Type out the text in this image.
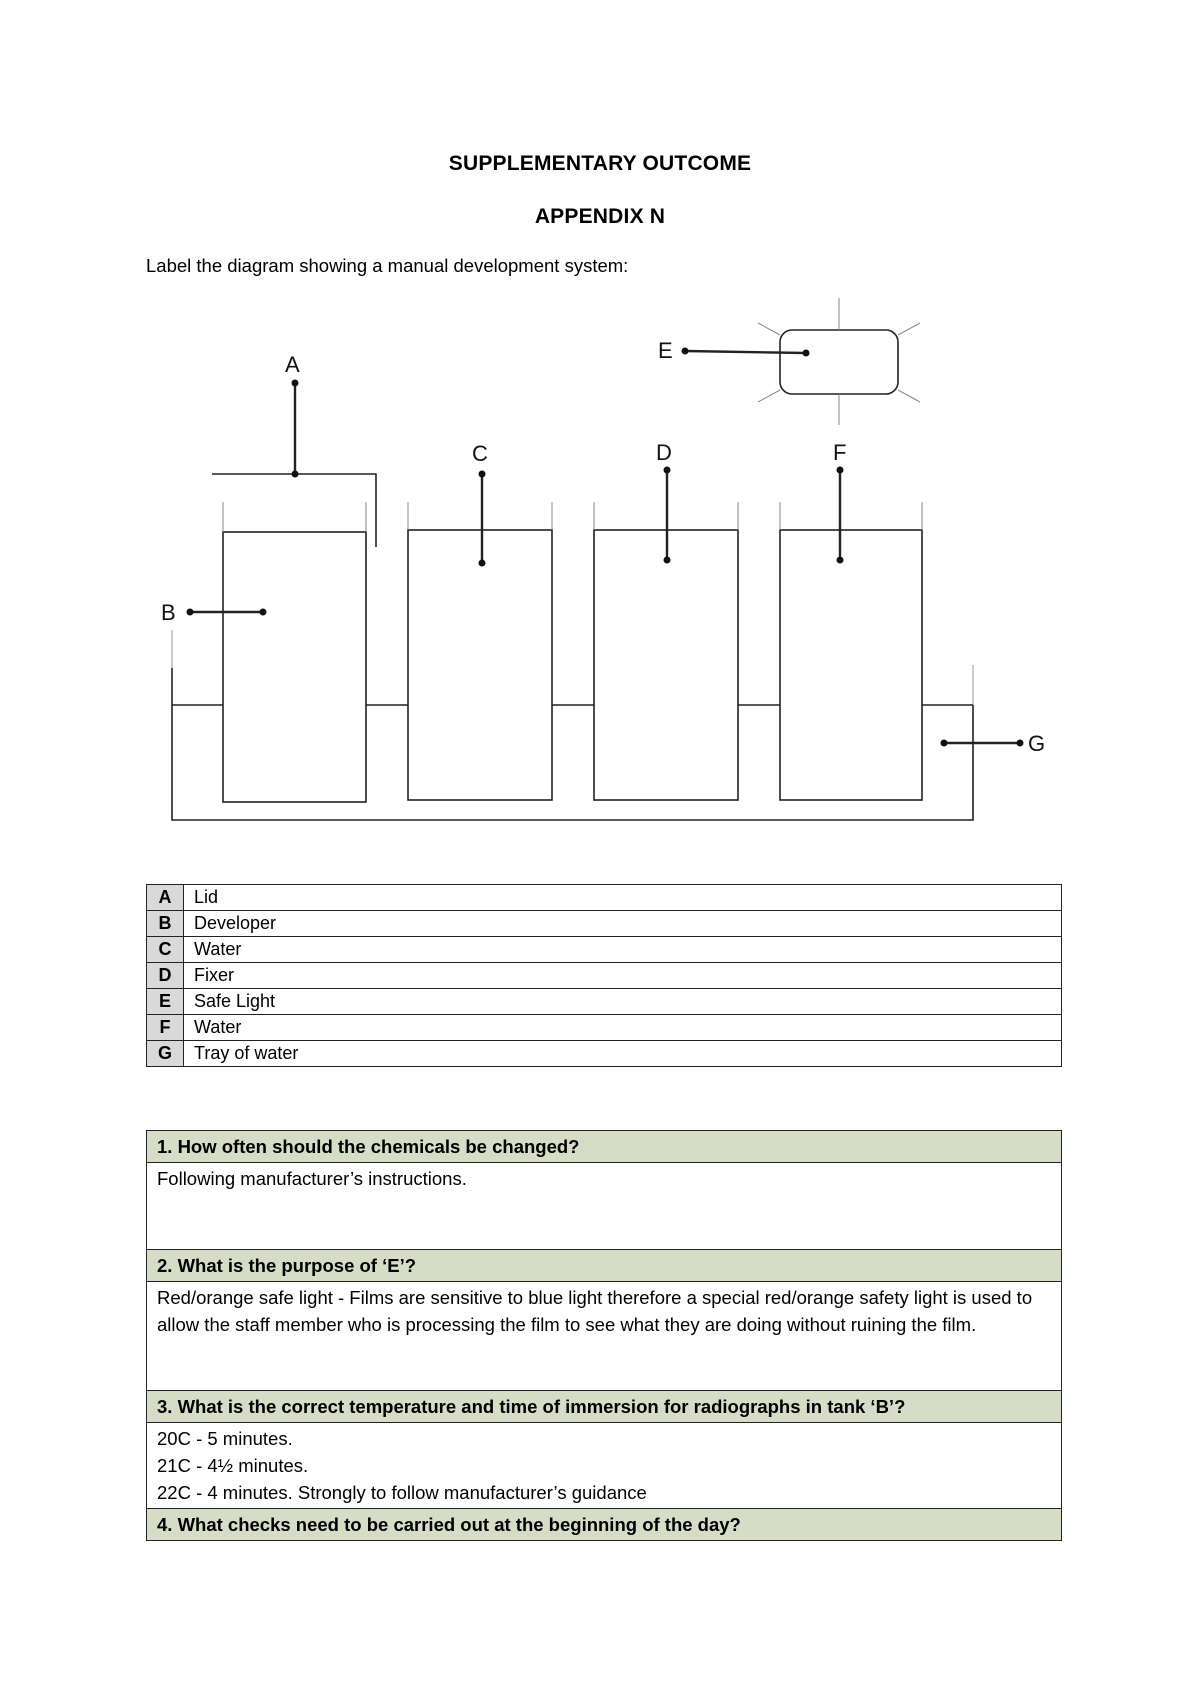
SUPPLEMENTARY OUTCOME
APPENDIX N
Label the diagram showing a manual development system:
A
B
C	D
E
F
G
A	Lid
B	Developer
C	Water
D	Fixer
E	Safe Light
F	Water
G	Tray of water
1. How often should the chemicals be changed?

Following manufacturer’s instructions.

2. What is the purpose of ‘E’?

Red/orange safe light - Films are sensitive to blue light therefore a special red/orange safety light is used to allow the staff member who is processing the film to see what they are doing without ruining the film.

3. What is the correct temperature and time of immersion for radiographs in tank ‘B’?

20C - 5 minutes.
21C - 4½ minutes.
22C - 4 minutes. Strongly to follow manufacturer’s guidance

4. What checks need to be carried out at the beginning of the day?
